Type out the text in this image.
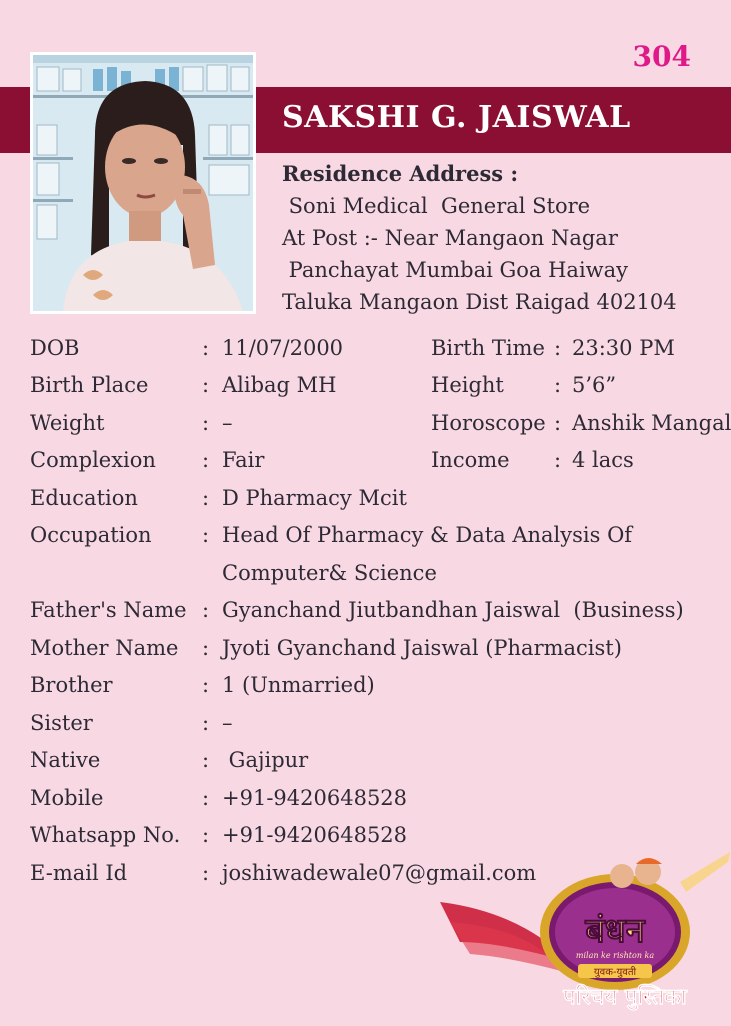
304
SAKSHI G. JAISWAL
Residence Address :
Soni Medical  General Store
At Post :- Near Mangaon Nagar
Panchayat Mumbai Goa Haiway
Taluka Mangaon Dist Raigad 402104
DOB	: 11/07/2000	Birth Time : 23:30 PM
Birth Place	: Alibag MH	Height : 5’6”
Weight	: –	Horoscope : Anshik Mangal
Complexion : Fair	Income : 4 lacs
Education	: D Pharmacy Mcit
Occupation : Head Of Pharmacy & Data Analysis Of
Computer& Science
Father's Name : Gyanchand Jiutbandhan Jaiswal  (Business)
Mother Name : Jyoti Gyanchand Jaiswal (Pharmacist)
Brother	: 1 (Unmarried)
Sister	: –
Native	: Gajipur
Mobile	: +91-9420648528
Whatsapp No. : +91-9420648528
E-mail Id	: joshiwadewale07@gmail.com
बंधन
milan ke rishton ka
युवक-युवती
परिचय पुस्तिका
